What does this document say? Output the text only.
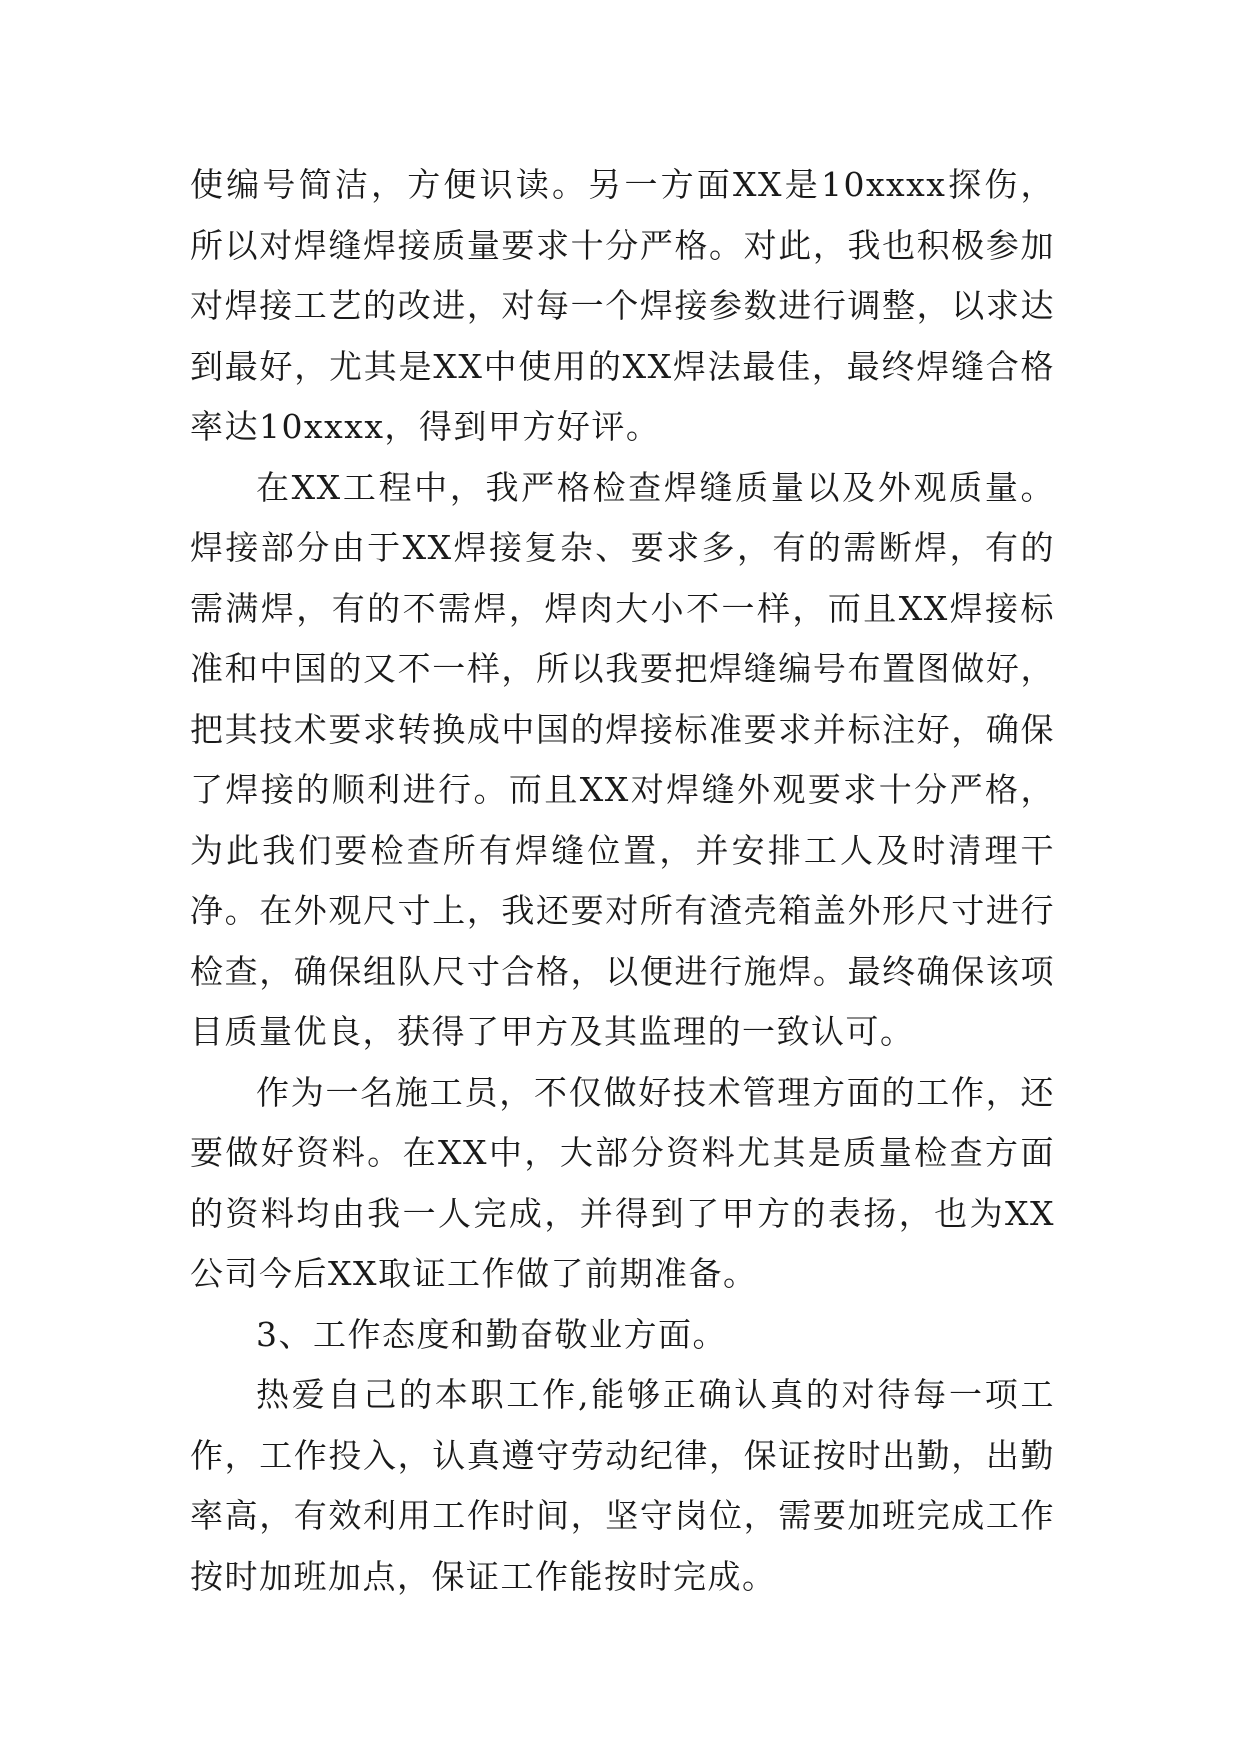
使编号简洁，方便识读。另一方面XX是10xxxx探伤，所以对焊缝焊接质量要求十分严格。对此，我也积极参加对焊接工艺的改进，对每一个焊接参数进行调整，以求达到最好，尤其是XX中使用的XX焊法最佳，最终焊缝合格率达10xxxx，得到甲方好评。

在XX工程中，我严格检查焊缝质量以及外观质量。焊接部分由于XX焊接复杂、要求多，有的需断焊，有的需满焊，有的不需焊，焊肉大小不一样，而且XX焊接标准和中国的又不一样，所以我要把焊缝编号布置图做好，把其技术要求转换成中国的焊接标准要求并标注好，确保了焊接的顺利进行。而且XX对焊缝外观要求十分严格，为此我们要检查所有焊缝位置，并安排工人及时清理干净。在外观尺寸上，我还要对所有渣壳箱盖外形尺寸进行检查，确保组队尺寸合格，以便进行施焊。最终确保该项目质量优良，获得了甲方及其监理的一致认可。

作为一名施工员，不仅做好技术管理方面的工作，还要做好资料。在XX中，大部分资料尤其是质量检查方面的资料均由我一人完成，并得到了甲方的表扬，也为XX公司今后XX取证工作做了前期准备。

3、工作态度和勤奋敬业方面。

热爱自己的本职工作,能够正确认真的对待每一项工作，工作投入，认真遵守劳动纪律，保证按时出勤，出勤率高，有效利用工作时间，坚守岗位，需要加班完成工作按时加班加点，保证工作能按时完成。
